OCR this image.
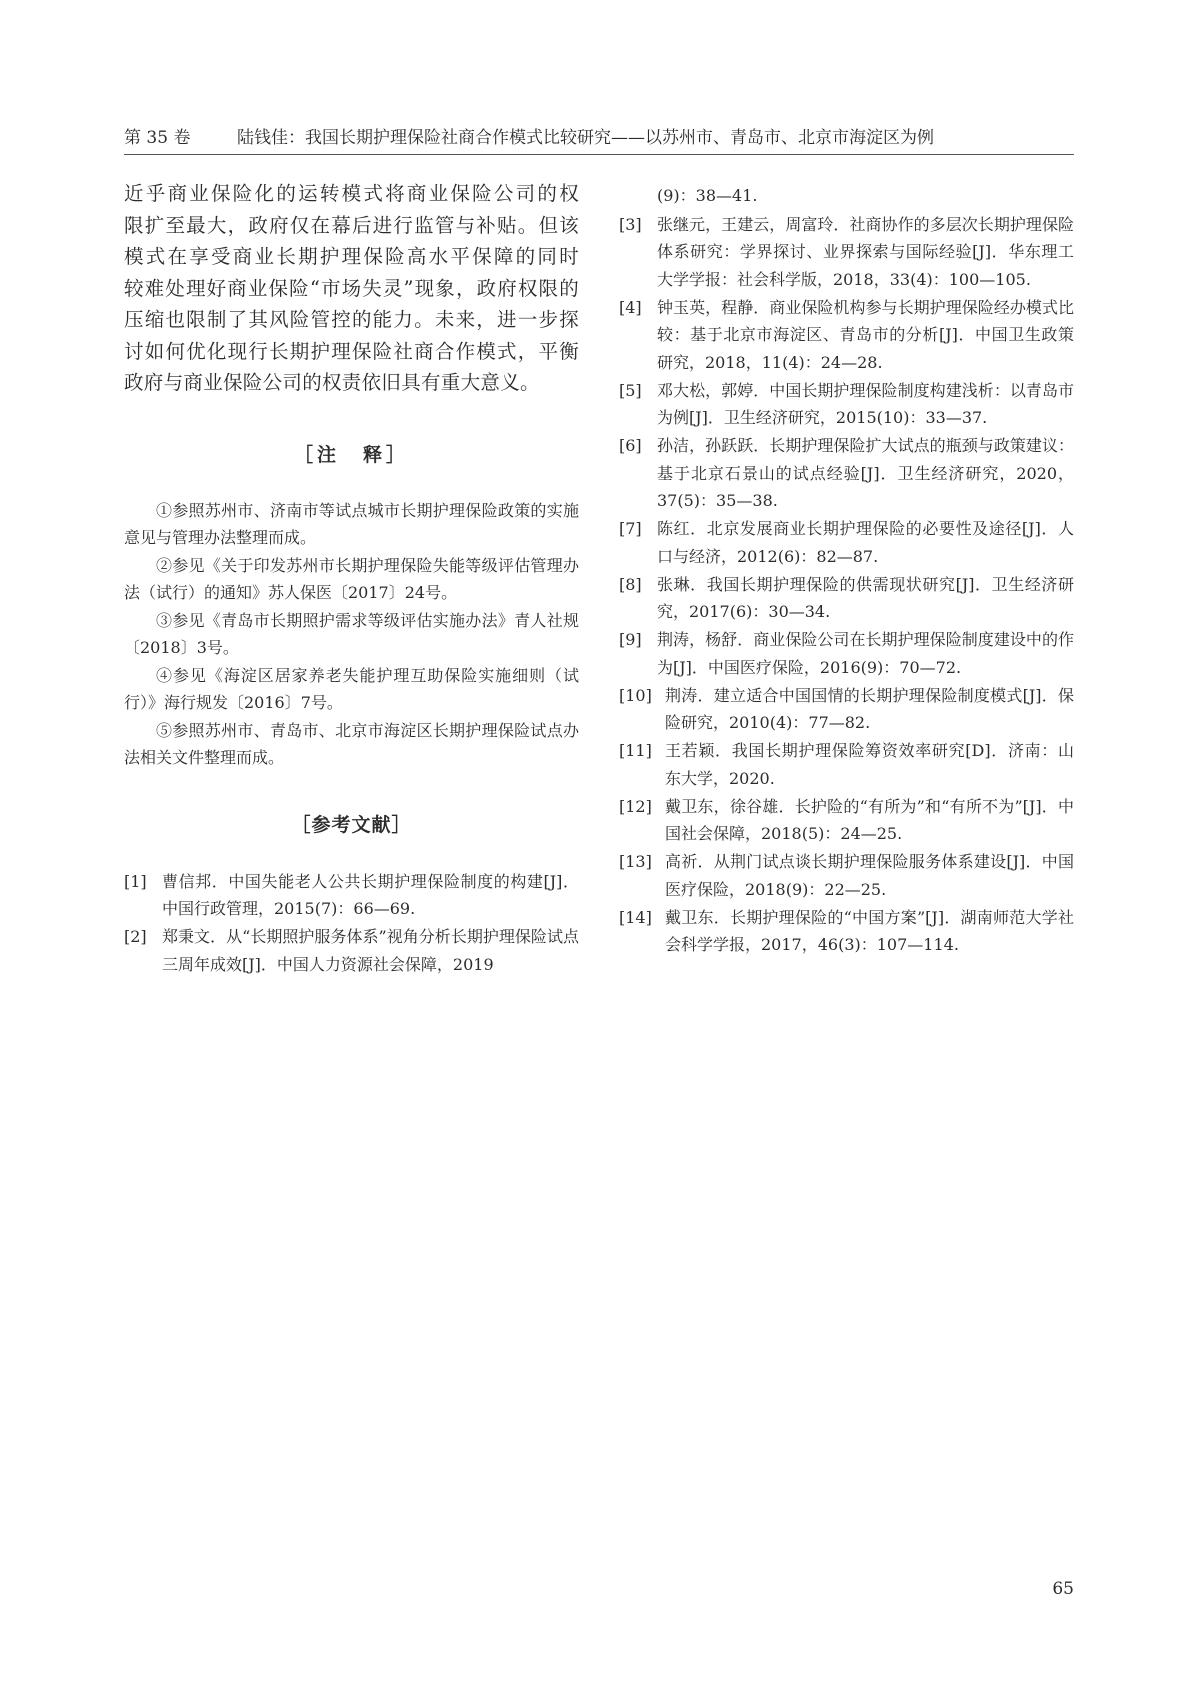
第 35 卷	陆钱佳：我国长期护理保险社商合作模式比较研究——以苏州市、青岛市、北京市海淀区为例

近乎商业保险化的运转模式将商业保险公司的权

限扩至最大，政府仅在幕后进行监管与补贴。但该

模式在享受商业长期护理保险高水平保障的同时

较难处理好商业保险“市场失灵”现象，政府权限的

压缩也限制了其风险管控的能力。未来，进一步探

讨如何优化现行长期护理保险社商合作模式，平衡

政府与商业保险公司的权责依旧具有重大意义。

［注　释］

①参照苏州市、济南市等试点城市长期护理保险政策的实施意见与管理办法整理而成。

②参见《关于印发苏州市长期护理保险失能等级评估管理办法（试行）的通知》苏人保医〔2017〕24号。

③参见《青岛市长期照护需求等级评估实施办法》青人社规〔2018〕3号。

④参见《海淀区居家养老失能护理互助保险实施细则（试行）》海行规发〔2016〕7号。

⑤参照苏州市、青岛市、北京市海淀区长期护理保险试点办法相关文件整理而成。

［参考文献］

[1] 曹信邦．中国失能老人公共长期护理保险制度的构建[J]．中国行政管理，2015(7)：66—69.

[2] 郑秉文．从“长期照护服务体系”视角分析长期护理保险试点三周年成效[J]．中国人力资源社会保障，2019

(9)：38—41.

[3] 张继元，王建云，周富玲．社商协作的多层次长期护理保险体系研究：学界探讨、业界探索与国际经验[J]．华东理工大学学报：社会科学版，2018，33(4)：100—105.

[4] 钟玉英，程静．商业保险机构参与长期护理保险经办模式比较：基于北京市海淀区、青岛市的分析[J]．中国卫生政策研究，2018，11(4)：24—28.

[5] 邓大松，郭婷．中国长期护理保险制度构建浅析：以青岛市为例[J]．卫生经济研究，2015(10)：33—37.

[6] 孙洁，孙跃跃．长期护理保险扩大试点的瓶颈与政策建议：基于北京石景山的试点经验[J]．卫生经济研究，2020，37(5)：35—38.

[7] 陈红．北京发展商业长期护理保险的必要性及途径[J]．人口与经济，2012(6)：82—87.

[8] 张琳．我国长期护理保险的供需现状研究[J]．卫生经济研究，2017(6)：30—34.

[9] 荆涛，杨舒．商业保险公司在长期护理保险制度建设中的作为[J]．中国医疗保险，2016(9)：70—72.

[10] 荆涛．建立适合中国国情的长期护理保险制度模式[J]．保险研究，2010(4)：77—82.

[11] 王若颖．我国长期护理保险筹资效率研究[D]．济南：山东大学，2020.

[12] 戴卫东，徐谷雄．长护险的“有所为”和“有所不为”[J]．中国社会保障，2018(5)：24—25.

[13] 高祈．从荆门试点谈长期护理保险服务体系建设[J]．中国医疗保险，2018(9)：22—25.

[14] 戴卫东．长期护理保险的“中国方案”[J]．湖南师范大学社会科学学报，2017，46(3)：107—114.

65
